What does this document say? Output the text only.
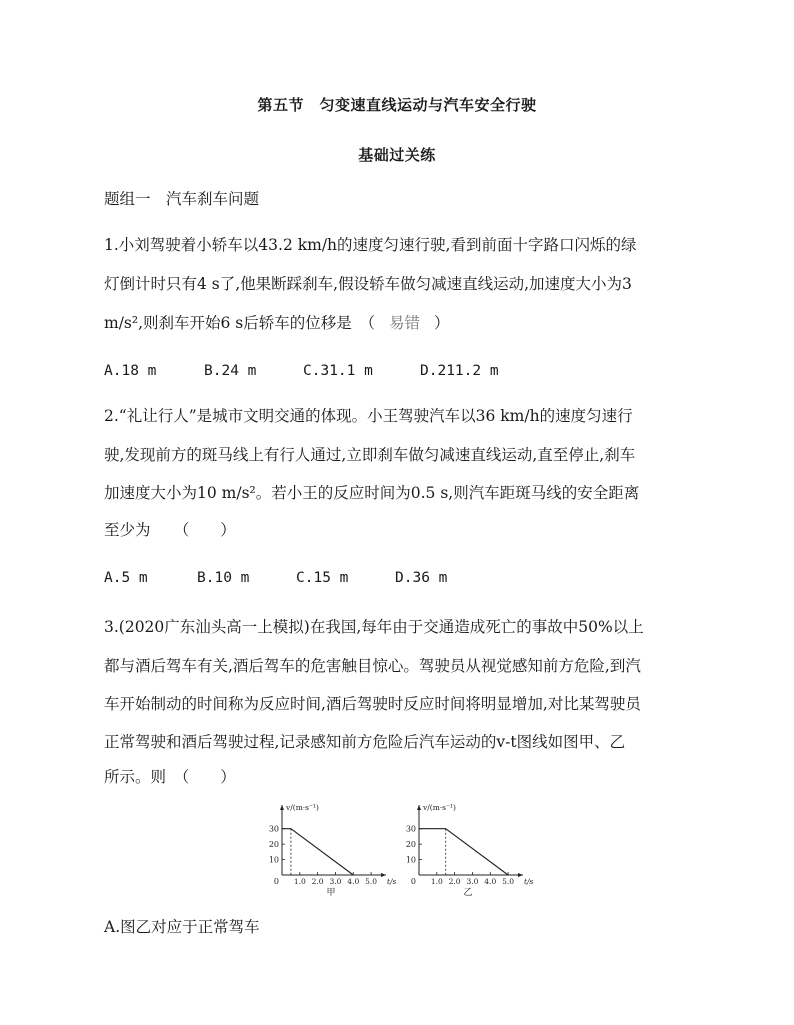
第五节　匀变速直线运动与汽车安全行驶
基础过关练
题组一　汽车刹车问题
1.小刘驾驶着小轿车以43.2 km/h的速度匀速行驶,看到前面十字路口闪烁的绿
灯倒计时只有4 s了,他果断踩刹车,假设轿车做匀减速直线运动,加速度大小为3
m/s²,则刹车开始6 s后轿车的位移是　（ 易错 ）
A.18 m	B.24 m	C.31.1 m	D.211.2 m
2.“礼让行人”是城市文明交通的体现。小王驾驶汽车以36 km/h的速度匀速行
驶,发现前方的斑马线上有行人通过,立即刹车做匀减速直线运动,直至停止,刹车
加速度大小为10 m/s²。若小王的反应时间为0.5 s,则汽车距斑马线的安全距离
至少为　　（　　）
A.5 m	B.10 m	C.15 m	D.36 m
3.(2020广东汕头高一上模拟)在我国,每年由于交通造成死亡的事故中50%以上
都与酒后驾车有关,酒后驾车的危害触目惊心。驾驶员从视觉感知前方危险,到汽
车开始制动的时间称为反应时间,酒后驾驶时反应时间将明显增加,对比某驾驶员
正常驾驶和酒后驾驶过程,记录感知前方危险后汽车运动的v-t图线如图甲、乙
所示。则　（　　）
v/(m·s⁻¹)
10
20
30
0 1.0 2.0 3.0 4.0 5.0 t/s
甲
v/(m·s⁻¹)
10
20
30
0 1.0 2.0 3.0 4.0 5.0 t/s
乙
A.图乙对应于正常驾车
